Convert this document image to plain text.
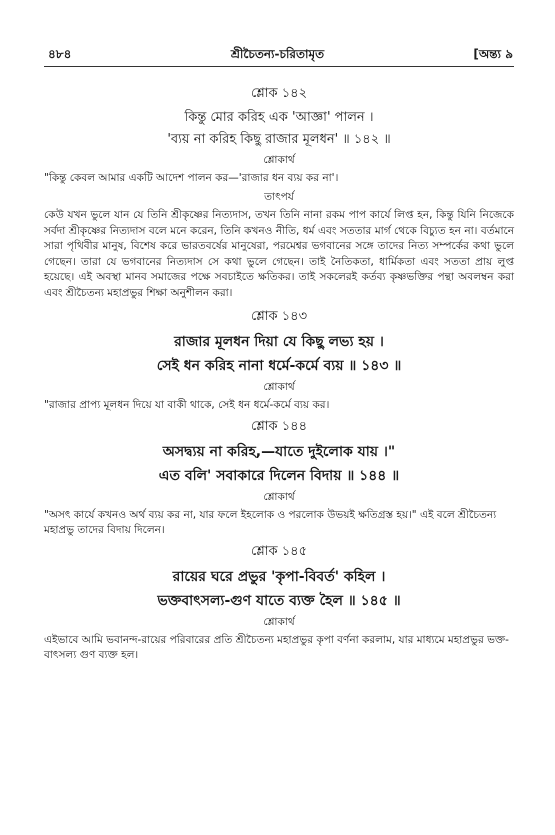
৪৮৪	শ্রীচৈতন্য-চরিতামৃত	[অন্ত্য ৯
শ্লোক ১৪২
কিন্তু মোর করিহ এক 'আজ্ঞা' পালন ।
'ব্যয় না করিহ কিছু রাজার মূলধন' ॥ ১৪২ ॥
শ্লোকার্থ
"কিন্তু কেবল আমার একটি আদেশ পালন কর—'রাজার ধন ব্যয় কর না'।
তাৎপর্য
কেউ যখন ভুলে যান যে তিনি শ্রীকৃষ্ণের নিত্যদাস, তখন তিনি নানা রকম পাপ কার্যে লিপ্ত হন, কিন্তু যিনি নিজেকে সর্বদা শ্রীকৃষ্ণের নিত্যদাস বলে মনে করেন, তিনি কখনও নীতি, ধর্ম এবং সততার মার্গ থেকে বিচ্যুত হন না। বর্তমানে সারা পৃথিবীর মানুষ, বিশেষ করে ভারতবর্ষের মানুষেরা, পরমেশ্বর ভগবানের সঙ্গে তাদের নিত্য সম্পর্কের কথা ভুলে গেছেন। তারা যে ভগবানের নিত্যদাস সে কথা ভুলে গেছেন। তাই নৈতিকতা, ধার্মিকতা এবং সততা প্রায় লুপ্ত হয়েছে। এই অবস্থা মানব সমাজের পক্ষে সবচাইতে ক্ষতিকর। তাই সকলেরই কর্তব্য কৃষ্ণভক্তির পন্থা অবলম্বন করা এবং শ্রীচৈতন্য মহাপ্রভুর শিক্ষা অনুশীলন করা।
শ্লোক ১৪৩
রাজার মূলধন দিয়া যে কিছু লভ্য হয় ।
সেই ধন করিহ নানা ধর্মে-কর্মে ব্যয় ॥ ১৪৩ ॥
শ্লোকার্থ
"রাজার প্রাপ্য মূলধন দিয়ে যা বাকী থাকে, সেই ধন ধর্মে-কর্মে ব্যয় কর।
শ্লোক ১৪৪
অসদ্ব্যয় না করিহ,—যাতে দুইলোক যায় ।"
এত বলি' সবাকারে দিলেন বিদায় ॥ ১৪৪ ॥
শ্লোকার্থ
"অসৎ কার্যে কখনও অর্থ ব্যয় কর না, যার ফলে ইহলোক ও পরলোক উভয়ই ক্ষতিগ্রস্ত হয়।" এই বলে শ্রীচৈতন্য মহাপ্রভু তাদের বিদায় দিলেন।
শ্লোক ১৪৫
রায়ের ঘরে প্রভুর 'কৃপা-বিবর্ত' কহিল ।
ভক্তবাৎসল্য-গুণ যাতে ব্যক্ত হৈল ॥ ১৪৫ ॥
শ্লোকার্থ
এইভাবে আমি ভবানন্দ-রায়ের পরিবারের প্রতি শ্রীচৈতন্য মহাপ্রভুর কৃপা বর্ণনা করলাম, যার মাধ্যমে মহাপ্রভুর ভক্ত-বাৎসল্য গুণ ব্যক্ত হল।
